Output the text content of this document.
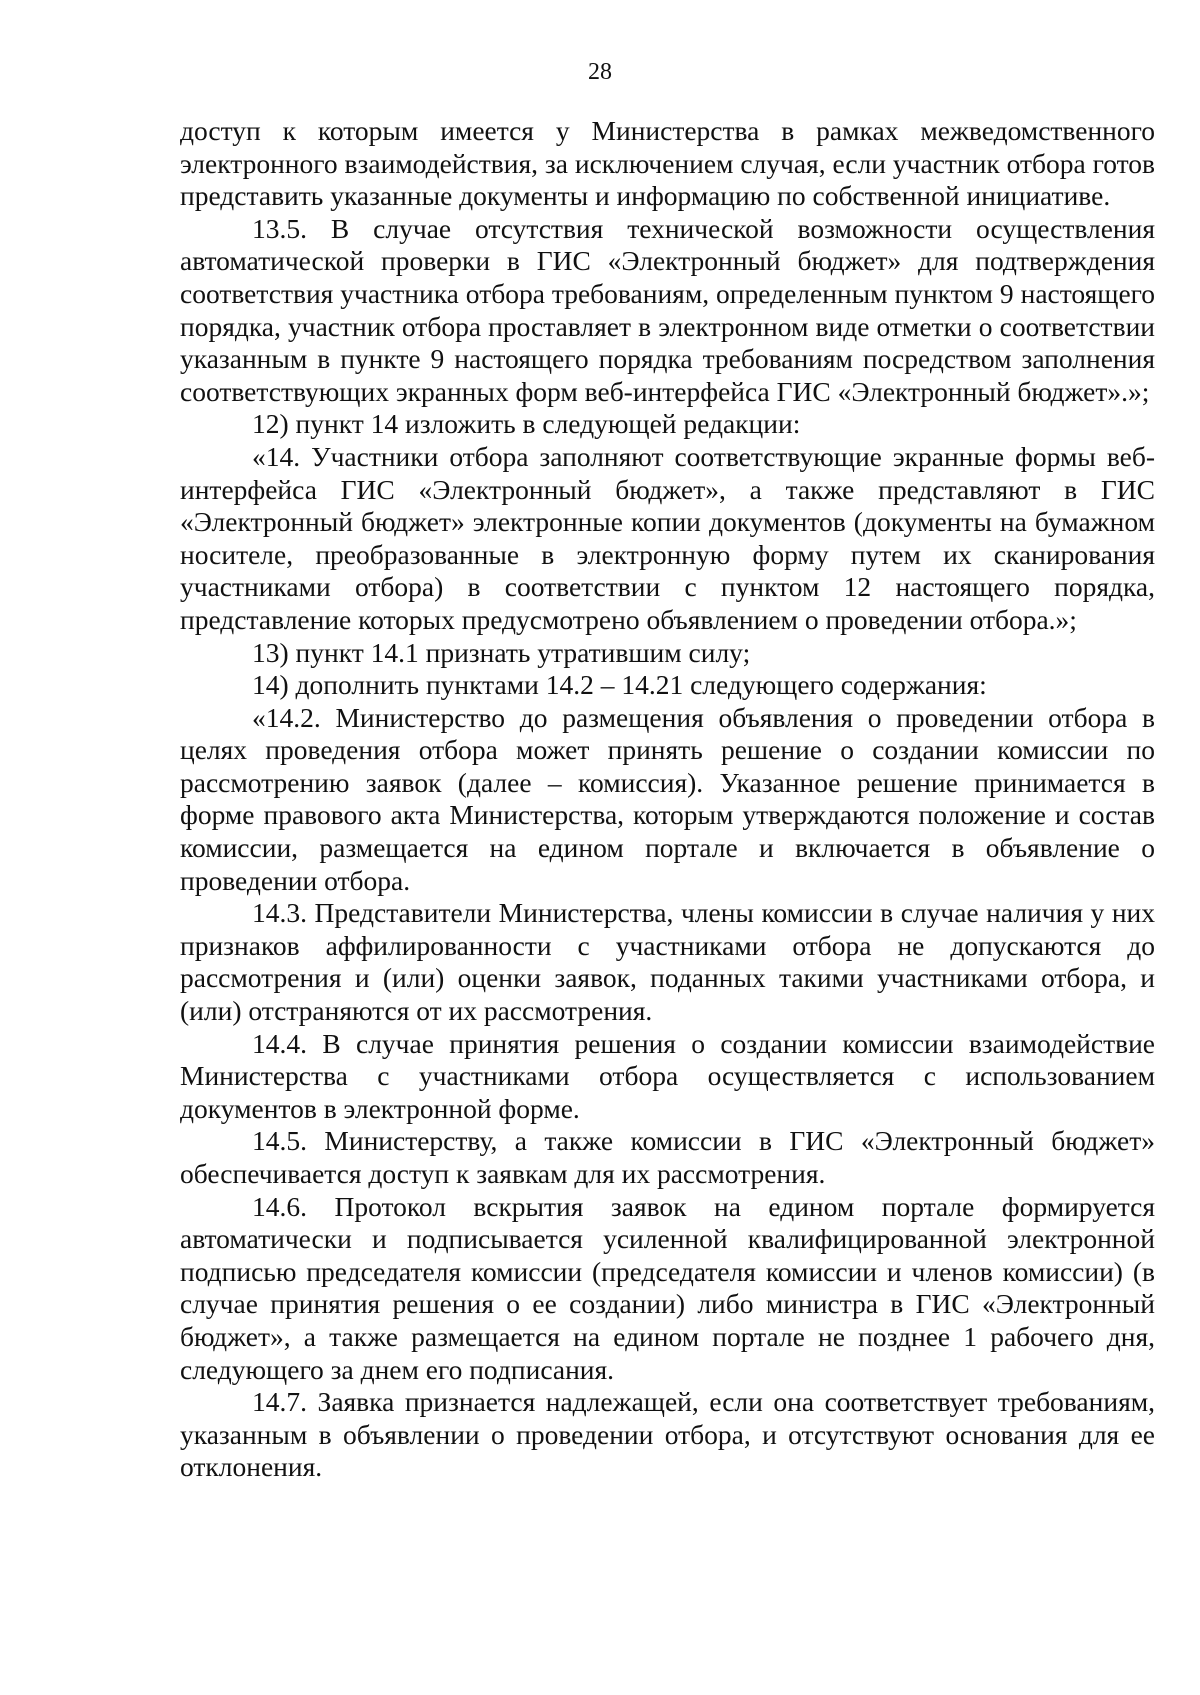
28

доступ к которым имеется у Министерства в рамках межведомственного электронного взаимодействия, за исключением случая, если участник отбора готов представить указанные документы и информацию по собственной инициативе.

13.5. В случае отсутствия технической возможности осуществления автоматической проверки в ГИС «Электронный бюджет» для подтверждения соответствия участника отбора требованиям, определенным пунктом 9 настоящего порядка, участник отбора проставляет в электронном виде отметки о соответствии указанным в пункте 9 настоящего порядка требованиям посредством заполнения соответствующих экранных форм веб-интерфейса ГИС «Электронный бюджет».»;

12) пункт 14 изложить в следующей редакции:

«14. Участники отбора заполняют соответствующие экранные формы веб-интерфейса ГИС «Электронный бюджет», а также представляют в ГИС «Электронный бюджет» электронные копии документов (документы на бумажном носителе, преобразованные в электронную форму путем их сканирования участниками отбора) в соответствии с пунктом 12 настоящего порядка, представление которых предусмотрено объявлением о проведении отбора.»;

13) пункт 14.1 признать утратившим силу;

14) дополнить пунктами 14.2 – 14.21 следующего содержания:

«14.2. Министерство до размещения объявления о проведении отбора в целях проведения отбора может принять решение о создании комиссии по рассмотрению заявок (далее – комиссия). Указанное решение принимается в форме правового акта Министерства, которым утверждаются положение и состав комиссии, размещается на едином портале и включается в объявление о проведении отбора.

14.3. Представители Министерства, члены комиссии в случае наличия у них признаков аффилированности с участниками отбора не допускаются до рассмотрения и (или) оценки заявок, поданных такими участниками отбора, и (или) отстраняются от их рассмотрения.

14.4. В случае принятия решения о создании комиссии взаимодействие Министерства с участниками отбора осуществляется с использованием документов в электронной форме.

14.5. Министерству, а также комиссии в ГИС «Электронный бюджет» обеспечивается доступ к заявкам для их рассмотрения.

14.6. Протокол вскрытия заявок на едином портале формируется автоматически и подписывается усиленной квалифицированной электронной подписью председателя комиссии (председателя комиссии и членов комиссии) (в случае принятия решения о ее создании) либо министра в ГИС «Электронный бюджет», а также размещается на едином портале не позднее 1 рабочего дня, следующего за днем его подписания.

14.7. Заявка признается надлежащей, если она соответствует требованиям, указанным в объявлении о проведении отбора, и отсутствуют основания для ее отклонения.
